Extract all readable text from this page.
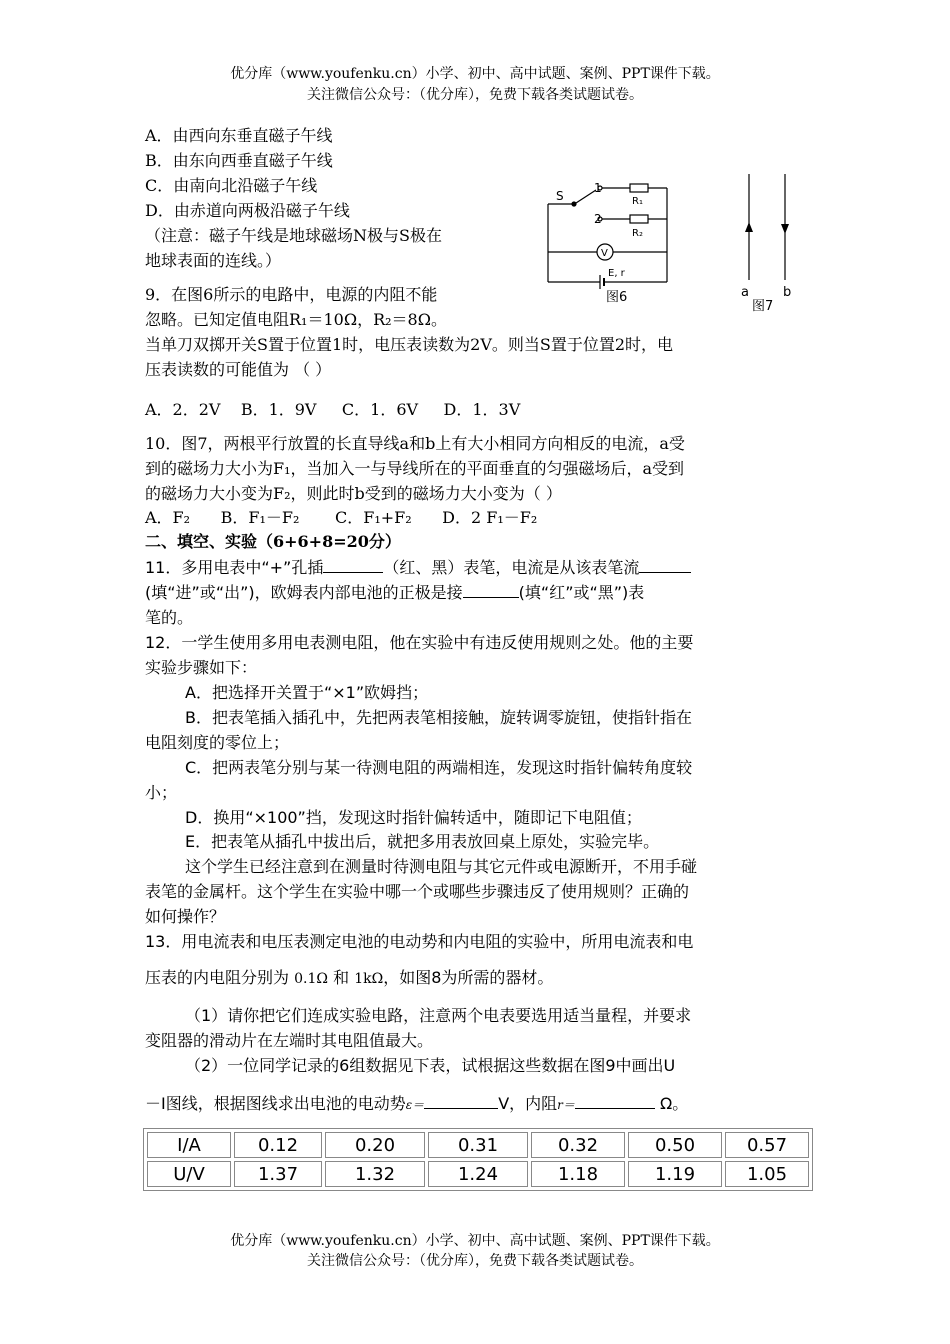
优分库（www.youfenku.cn）小学、初中、高中试题、案例、PPT课件下载。
关注微信公众号：（优分库），免费下载各类试题试卷。
A．由西向东垂直磁子午线
B．由东向西垂直磁子午线
C．由南向北沿磁子午线
D．由赤道向两极沿磁子午线
（注意：磁子午线是地球磁场N极与S极在
地球表面的连线。）
9．在图6所示的电路中，电源的内阻不能
忽略。已知定值电阻R₁＝10Ω，R₂＝8Ω。
当单刀双掷开关S置于位置1时，电压表读数为2V。则当S置于位置2时，电
压表读数的可能值为 （ ）
A．2．2V    B．1．9V     C．1．6V     D．1．3V
10．图7，两根平行放置的长直导线a和b上有大小相同方向相反的电流，a受
到的磁场力大小为F₁，当加入一与导线所在的平面垂直的匀强磁场后，a受到
的磁场力大小变为F₂，则此时b受到的磁场力大小变为（ ）
A．F₂      B．F₁－F₂       C．F₁+F₂      D．2 F₁－F₂
二、填空、实验（6+6+8=20分）
11．多用电表中“+”孔插	（红、黑）表笔，电流是从该表笔流
(填“进”或“出”)，欧姆表内部电池的正极是接	(填“红”或“黑”)表
笔的。
12．一学生使用多用电表测电阻，他在实验中有违反使用规则之处。他的主要
实验步骤如下：
A．把选择开关置于“×1”欧姆挡；
B．把表笔插入插孔中，先把两表笔相接触，旋转调零旋钮，使指针指在
电阻刻度的零位上；
C．把两表笔分别与某一待测电阻的两端相连，发现这时指针偏转角度较
小；
D．换用“×100”挡，发现这时指针偏转适中，随即记下电阻值；
E．把表笔从插孔中拔出后，就把多用表放回桌上原处，实验完毕。
这个学生已经注意到在测量时待测电阻与其它元件或电源断开，不用手碰
表笔的金属杆。这个学生在实验中哪一个或哪些步骤违反了使用规则？正确的
如何操作？
13．用电流表和电压表测定电池的电动势和内电阻的实验中，所用电流表和电
压表的内电阻分别为 0.1Ω 和 1kΩ，如图8为所需的器材。
（1）请你把它们连成实验电路，注意两个电表要选用适当量程，并要求
变阻器的滑动片在左端时其电阻值最大。
（2）一位同学记录的6组数据见下表，试根据这些数据在图9中画出U
－I图线，根据图线求出电池的电动势ε＝	V，内阻r＝	Ω。
I/A	0.12	0.20	0.31	0.32	0.50	0.57
U/V	1.37	1.32	1.24	1.18	1.19	1.05
S
1
2
R₁
R₂
V
E, r
图6	a	b
图7
优分库（www.youfenku.cn）小学、初中、高中试题、案例、PPT课件下载。
关注微信公众号：（优分库），免费下载各类试题试卷。
